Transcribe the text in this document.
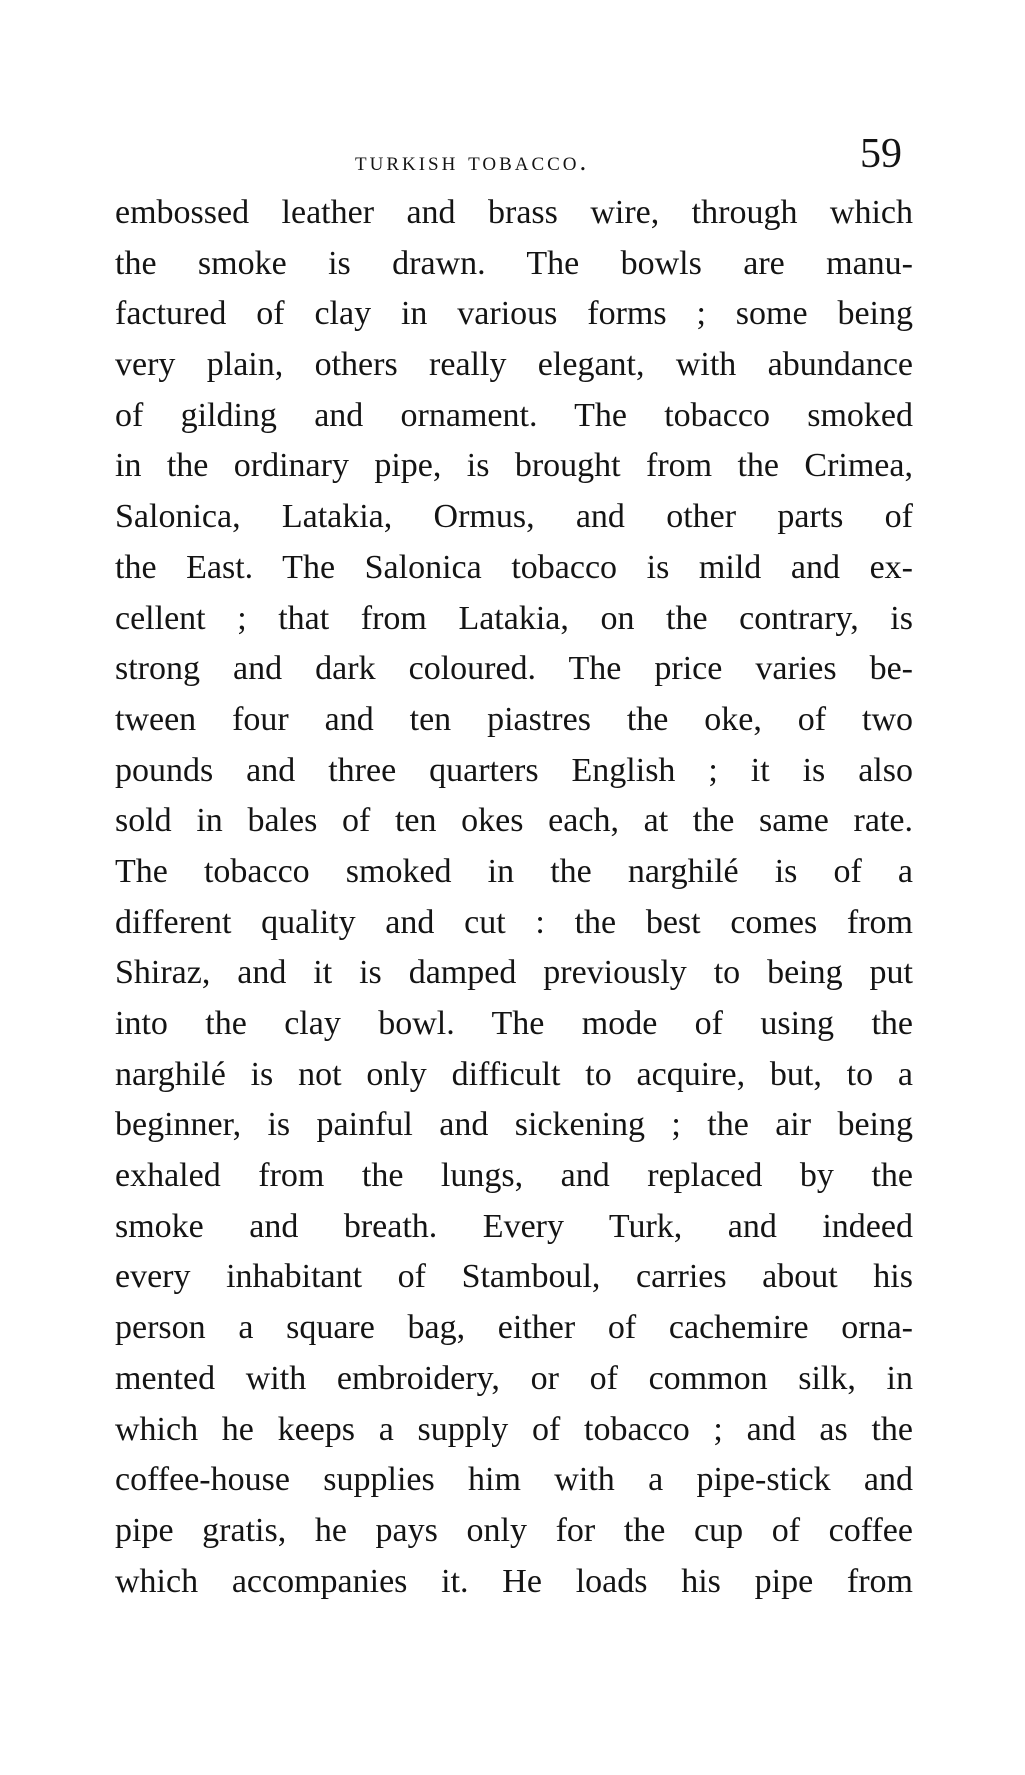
turkish tobacco.	59
embossed leather and brass wire, through which
the smoke is drawn. The bowls are manu-
factured of clay in various forms ; some being
very plain, others really elegant, with abundance
of gilding and ornament. The tobacco smoked
in the ordinary pipe, is brought from the Crimea,
Salonica, Latakia, Ormus, and other parts of
the East. The Salonica tobacco is mild and ex-
cellent ; that from Latakia, on the contrary, is
strong and dark coloured. The price varies be-
tween four and ten piastres the oke, of two
pounds and three quarters English ; it is also
sold in bales of ten okes each, at the same rate.
The tobacco smoked in the narghilé is of a
different quality and cut : the best comes from
Shiraz, and it is damped previously to being put
into the clay bowl. The mode of using the
narghilé is not only difficult to acquire, but, to a
beginner, is painful and sickening ; the air being
exhaled from the lungs, and replaced by the
smoke and breath. Every Turk, and indeed
every inhabitant of Stamboul, carries about his
person a square bag, either of cachemire orna-
mented with embroidery, or of common silk, in
which he keeps a supply of tobacco ; and as the
coffee-house supplies him with a pipe-stick and
pipe gratis, he pays only for the cup of coffee
which accompanies it. He loads his pipe from
